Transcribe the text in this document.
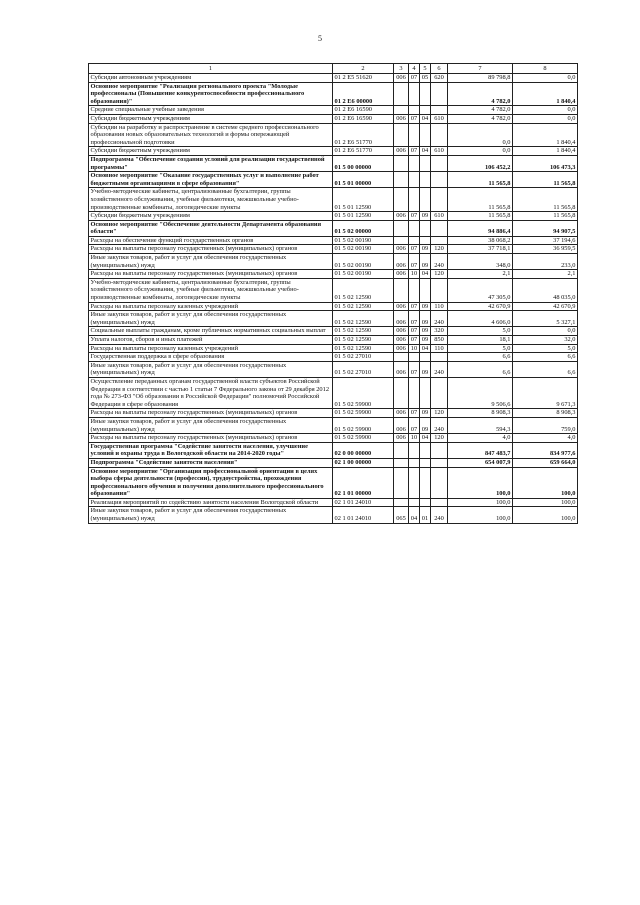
5
1	2	3	4	5	6	7	8
Субсидии автономным учреждениям	01 2 Е5 51620	006	07	05	620	89 798,8	0,0
Основное мероприятие "Реализация регионального проекта "Молодые профессионалы (Повышение конкурентоспособности профессионального образования)"	01 2 Е6 00000					4 782,0	1 840,4
Средние специальные учебные заведения	01 2 Е6 16590					4 782,0	0,0
Субсидии бюджетным учреждениям	01 2 Е6 16590	006	07	04	610	4 782,0	0,0
Субсидии на разработку и распространение в системе среднего профессионального образования новых образовательных технологий и формы опережающей профессиональной подготовки	01 2 Е6 51770					0,0	1 840,4
Субсидии бюджетным учреждениям	01 2 Е6 51770	006	07	04	610	0,0	1 840,4
Подпрограмма "Обеспечение создания условий для реализации государственной программы"	01 5 00 00000					106 452,2	106 473,3
Основное мероприятие "Оказание государственных услуг и выполнение работ бюджетными организациями в сфере образования"	01 5 01 00000					11 565,8	11 565,8
Учебно-методические кабинеты, централизованные бухгалтерии, группы хозяйственного обслуживания, учебные фильмотеки, межшкольные учебно-производственные комбинаты, логопедические пункты	01 5 01 12590					11 565,8	11 565,8
Субсидии бюджетным учреждениям	01 5 01 12590	006	07	09	610	11 565,8	11 565,8
Основное мероприятие "Обеспечение деятельности Департамента образования области"	01 5 02 00000					94 886,4	94 907,5
Расходы на обеспечение функций государственных органов	01 5 02 00190					38 068,2	37 194,6
Расходы на выплаты персоналу государственных (муниципальных) органов	01 5 02 00190	006	07	09	120	37 718,1	36 959,5
Иные закупки товаров, работ и услуг для обеспечения государственных (муниципальных) нужд	01 5 02 00190	006	07	09	240	348,0	233,0
Расходы на выплаты персоналу государственных (муниципальных) органов	01 5 02 00190	006	10	04	120	2,1	2,1
Учебно-методические кабинеты, централизованные бухгалтерии, группы хозяйственного обслуживания, учебные фильмотеки, межшкольные учебно-производственные комбинаты, логопедические пункты	01 5 02 12590					47 305,0	48 035,0
Расходы на выплаты персоналу казенных учреждений	01 5 02 12590	006	07	09	110	42 670,9	42 670,9
Иные закупки товаров, работ и услуг для обеспечения государственных (муниципальных) нужд	01 5 02 12590	006	07	09	240	4 606,0	5 327,1
Социальные выплаты гражданам, кроме публичных нормативных социальных выплат	01 5 02 12590	006	07	09	320	5,0	0,0
Уплата налогов, сборов и иных платежей	01 5 02 12590	006	07	09	850	18,1	32,0
Расходы на выплаты персоналу казенных учреждений	01 5 02 12590	006	10	04	110	5,0	5,0
Государственная поддержка в сфере образования	01 5 02 27010					6,6	6,6
Иные закупки товаров, работ и услуг для обеспечения государственных (муниципальных) нужд	01 5 02 27010	006	07	09	240	6,6	6,6
Осуществление переданных органам государственной власти субъектов Российской Федерации в соответствии с частью 1 статьи 7 Федерального закона от 29 декабря 2012 года № 273-ФЗ "Об образовании в Российской Федерации" полномочий Российской Федерации в сфере образования	01 5 02 59900					9 506,6	9 671,3
Расходы на выплаты персоналу государственных (муниципальных) органов	01 5 02 59900	006	07	09	120	8 908,3	8 908,3
Иные закупки товаров, работ и услуг для обеспечения государственных (муниципальных) нужд	01 5 02 59900	006	07	09	240	594,3	759,0
Расходы на выплаты персоналу государственных (муниципальных) органов	01 5 02 59900	006	10	04	120	4,0	4,0
Государственная программа "Содействие занятости населения, улучшение условий и охраны труда в Вологодской области на 2014-2020 годы"	02 0 00 00000					847 483,7	834 977,6
Подпрограмма "Содействие занятости населения"	02 1 00 00000					654 007,9	659 664,0
Основное мероприятие "Организация профессиональной ориентации в целях выбора сферы деятельности (профессии), трудоустройства, прохождения профессионального обучения и получения дополнительного профессионального образования"	02 1 01 00000					100,0	100,0
Реализация мероприятий по содействию занятости населения Вологодской области	02 1 01 24010					100,0	100,0
Иные закупки товаров, работ и услуг для обеспечения государственных (муниципальных) нужд	02 1 01 24010	065	04	01	240	100,0	100,0
